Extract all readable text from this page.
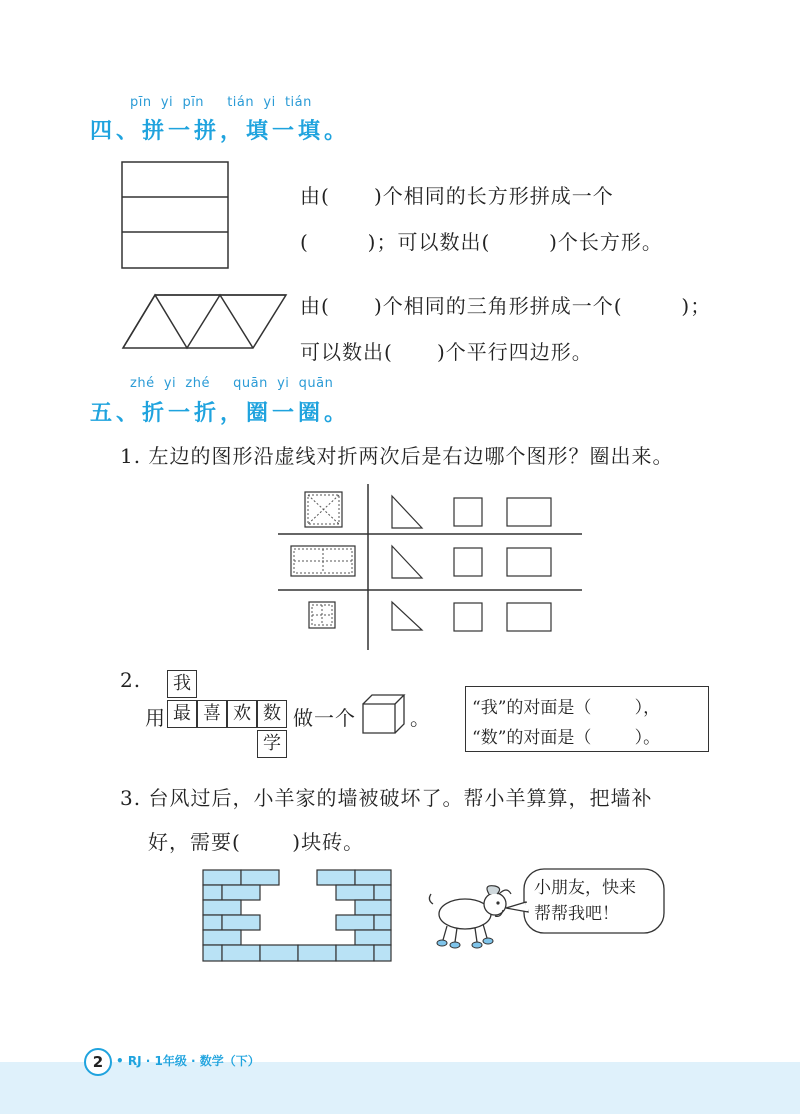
pīn  yi  pīn     tián  yi  tián
四、拼一拼，填一填。
由(      )个相同的长方形拼成一个
(        )；可以数出(        )个长方形。
由(      )个相同的三角形拼成一个(        )；
可以数出(      )个平行四边形。
zhé  yi  zhé     quān  yi  quān
五、折一折，圈一圈。
1. 左边的图形沿虚线对折两次后是右边哪个图形？圈出来。
2.
用
我
最 喜 欢 数
学
做一个	。 “我”的对面是（        ），
“数”的对面是（        ）。
3. 台风过后，小羊家的墙被破坏了。帮小羊算算，把墙补
好，需要(       )块砖。
小朋友，快来
帮帮我吧！
2	• RJ · 1年级 · 数学（下）
